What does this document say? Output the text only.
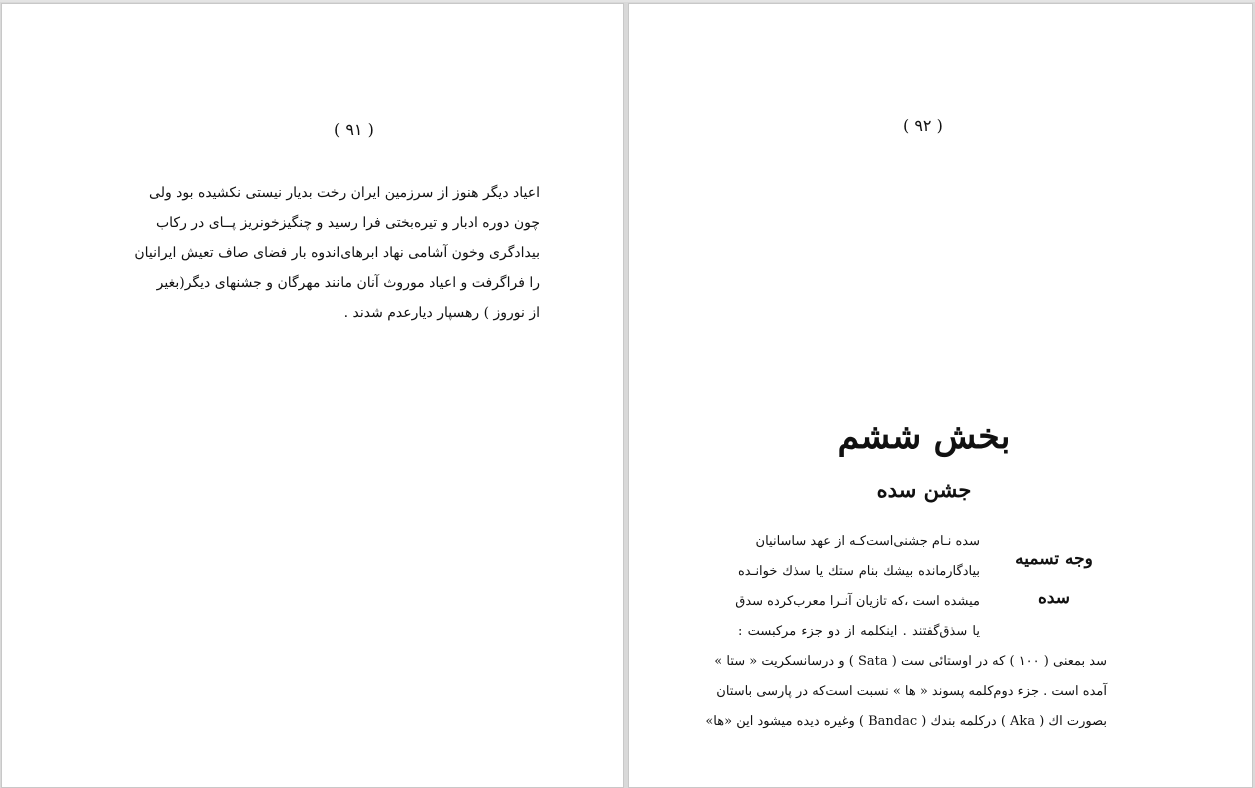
( ۹۱ )
اعیاد دیگر هنوز از سرزمین ایران رخت بدیار نیستی نکشیده بود ولی
چون دوره ادبار و تیره‌بختی فرا رسید و چنگیزخونریز پــای در رکاب
بیدادگری وخون آشامی نهاد ابرهای‌اندوه بار فضای صاف تعیش ایرانیان
را فراگرفت و اعیاد موروث آنان مانند مهرگان و جشنهای دیگر(بغیر
از نوروز ) رهسپار دیارعدم شدند .
( ۹۲ )
بخش ششم
جشن سده
وجه تسمیه
سده
سده نـام جشنی‌است‌کـه از عهد ساسانیان
بیادگارمانده بیشك بنام ستك یا سذك خوانـده
میشده است ،که تازیان آنـرا معرب‌کرده سدق
یا سذق‌گفتند . اینکلمه از دو جزء مرکبست :
سد بمعنی ( ۱۰۰ ) که در اوستائی ست ( Sata ) و درسانسکریت « ستا »
آمده است . جزء دوم‌کلمه پسوند « ها » نسبت است‌که در پارسی باستان
بصورت اك ( Aka ) درکلمه بندك ( Bandac ) وغیره دیده میشود این «ها»
